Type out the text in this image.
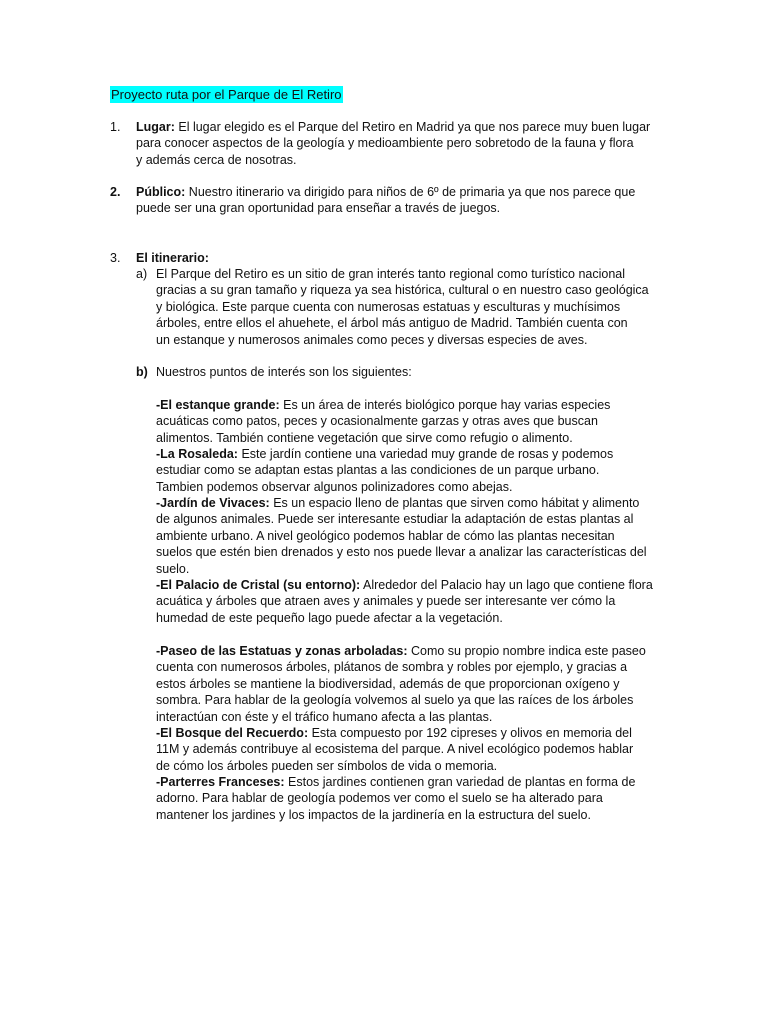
Proyecto ruta por el Parque de El Retiro
1.	Lugar: El lugar elegido es el Parque del Retiro en Madrid ya que nos parece muy buen lugar
para conocer aspectos de la geología y medioambiente pero sobretodo de la fauna y flora
y además cerca de nosotras.
2.	Público: Nuestro itinerario va dirigido para niños de 6º de primaria ya que nos parece que
puede ser una gran oportunidad para enseñar a través de juegos.
3.	El itinerario:
a) El Parque del Retiro es un sitio de gran interés tanto regional como turístico nacional
gracias a su gran tamaño y riqueza ya sea histórica, cultural o en nuestro caso geológica
y biológica. Este parque cuenta con numerosas estatuas y esculturas y muchísimos
árboles, entre ellos el ahuehete, el árbol más antiguo de Madrid. También cuenta con
un estanque y numerosos animales como peces y diversas especies de aves.
b) Nuestros puntos de interés son los siguientes:
-El estanque grande: Es un área de interés biológico porque hay varias especies
acuáticas como patos, peces y ocasionalmente garzas y otras aves que buscan
alimentos. También contiene vegetación que sirve como refugio o alimento.
-La Rosaleda: Este jardín contiene una variedad muy grande de rosas y podemos
estudiar como se adaptan estas plantas a las condiciones de un parque urbano.
Tambien podemos observar algunos polinizadores como abejas.
-Jardín de Vivaces: Es un espacio lleno de plantas que sirven como hábitat y alimento
de algunos animales. Puede ser interesante estudiar la adaptación de estas plantas al
ambiente urbano. A nivel geológico podemos hablar de cómo las plantas necesitan
suelos que estén bien drenados y esto nos puede llevar a analizar las características del
suelo.
-El Palacio de Cristal (su entorno): Alrededor del Palacio hay un lago que contiene flora
acuática y árboles que atraen aves y animales y puede ser interesante ver cómo la
humedad de este pequeño lago puede afectar a la vegetación.
-Paseo de las Estatuas y zonas arboladas: Como su propio nombre indica este paseo
cuenta con numerosos árboles, plátanos de sombra y robles por ejemplo, y gracias a
estos árboles se mantiene la biodiversidad, además de que proporcionan oxígeno y
sombra. Para hablar de la geología volvemos al suelo ya que las raíces de los árboles
interactúan con éste y el tráfico humano afecta a las plantas.
-El Bosque del Recuerdo: Esta compuesto por 192 cipreses y olivos en memoria del
11M y además contribuye al ecosistema del parque. A nivel ecológico podemos hablar
de cómo los árboles pueden ser símbolos de vida o memoria.
-Parterres Franceses: Estos jardines contienen gran variedad de plantas en forma de
adorno. Para hablar de geología podemos ver como el suelo se ha alterado para
mantener los jardines y los impactos de la jardinería en la estructura del suelo.
